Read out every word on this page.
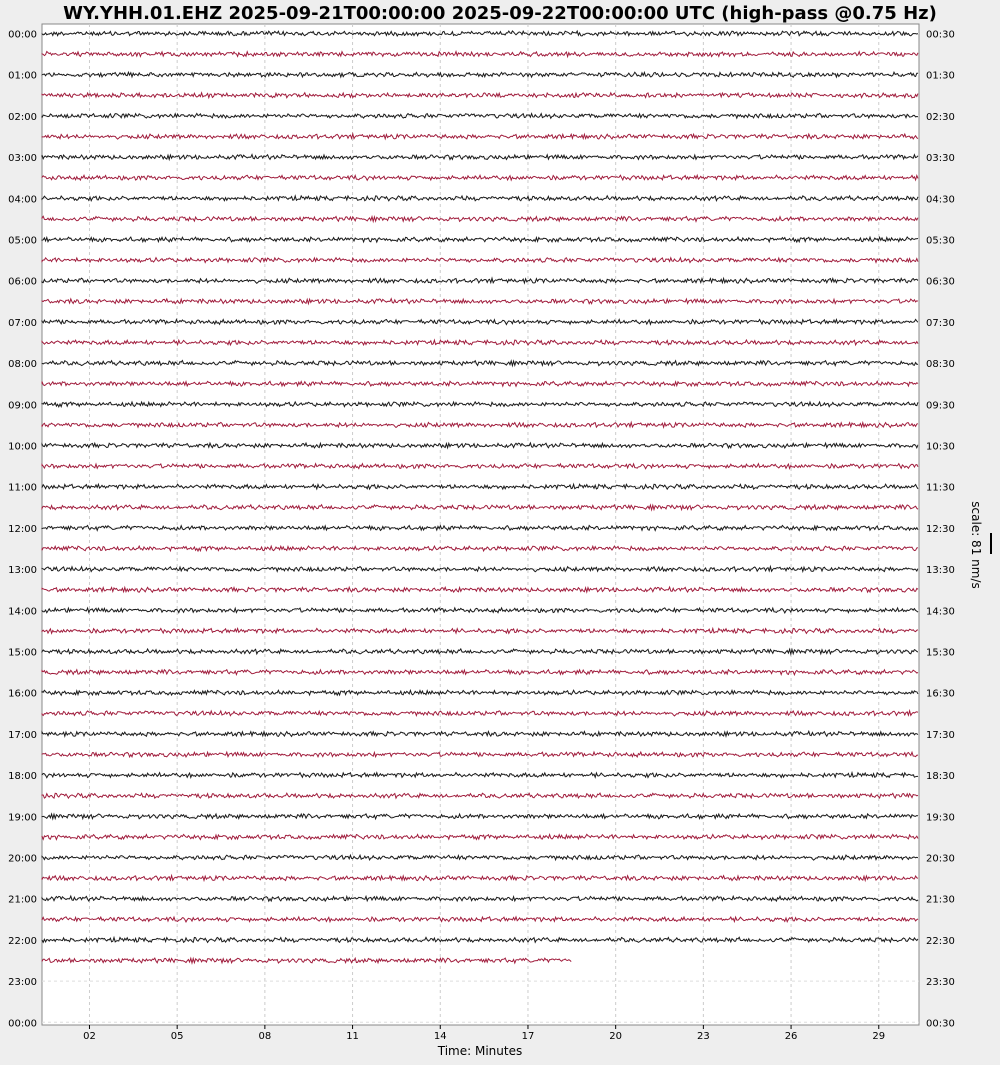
WY.YHH.01.EHZ 2025-09-21T00:00:00 2025-09-22T00:00:00 UTC (high-pass @0.75 Hz)
00:00
01:00
02:00
03:00
04:00
05:00
06:00
07:00
08:00
09:00
10:00
11:00
12:00
13:00
14:00
15:00
16:00
17:00
18:00
19:00
20:00
21:00
22:00
23:00
00:00
00:30
01:30
02:30
03:30
04:30
05:30
06:30
07:30
08:30
09:30
10:30
11:30
12:30
13:30
14:30
15:30
16:30
17:30
18:30
19:30
20:30
21:30
22:30
23:30
00:30
02	05	08	11	14	17	20	23	26	29
Time: Minutes
scale: 81 nm/s
